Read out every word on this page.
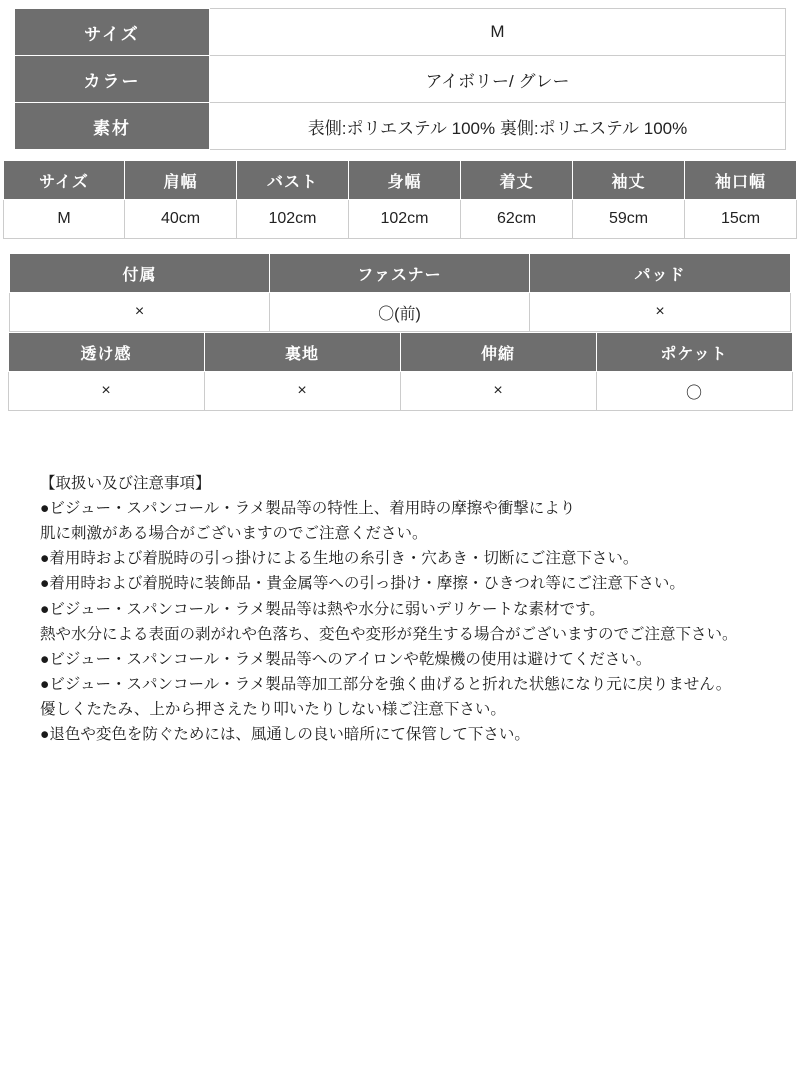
サイズ	M
カラー	アイボリー/ グレー
素材	表側:ポリエステル 100% 裏側:ポリエステル 100%
サイズ	肩幅	バスト	身幅	着丈	袖丈	袖口幅
M	40cm	102cm	102cm	62cm	59cm	15cm
付属	ファスナー	パッド
×	〇(前)	×
透け感	裏地	伸縮	ポケット
×	×	×	〇
【取扱い及び注意事項】
●ビジュー・スパンコール・ラメ製品等の特性上、着用時の摩擦や衝撃により
肌に刺激がある場合がございますのでご注意ください。
●着用時および着脱時の引っ掛けによる生地の糸引き・穴あき・切断にご注意下さい。
●着用時および着脱時に装飾品・貴金属等への引っ掛け・摩擦・ひきつれ等にご注意下さい。
●ビジュー・スパンコール・ラメ製品等は熱や水分に弱いデリケートな素材です。
熱や水分による表面の剥がれや色落ち、変色や変形が発生する場合がございますのでご注意下さい。
●ビジュー・スパンコール・ラメ製品等へのアイロンや乾燥機の使用は避けてください。
●ビジュー・スパンコール・ラメ製品等加工部分を強く曲げると折れた状態になり元に戻りません。
優しくたたみ、上から押さえたり叩いたりしない様ご注意下さい。
●退色や変色を防ぐためには、風通しの良い暗所にて保管して下さい。
